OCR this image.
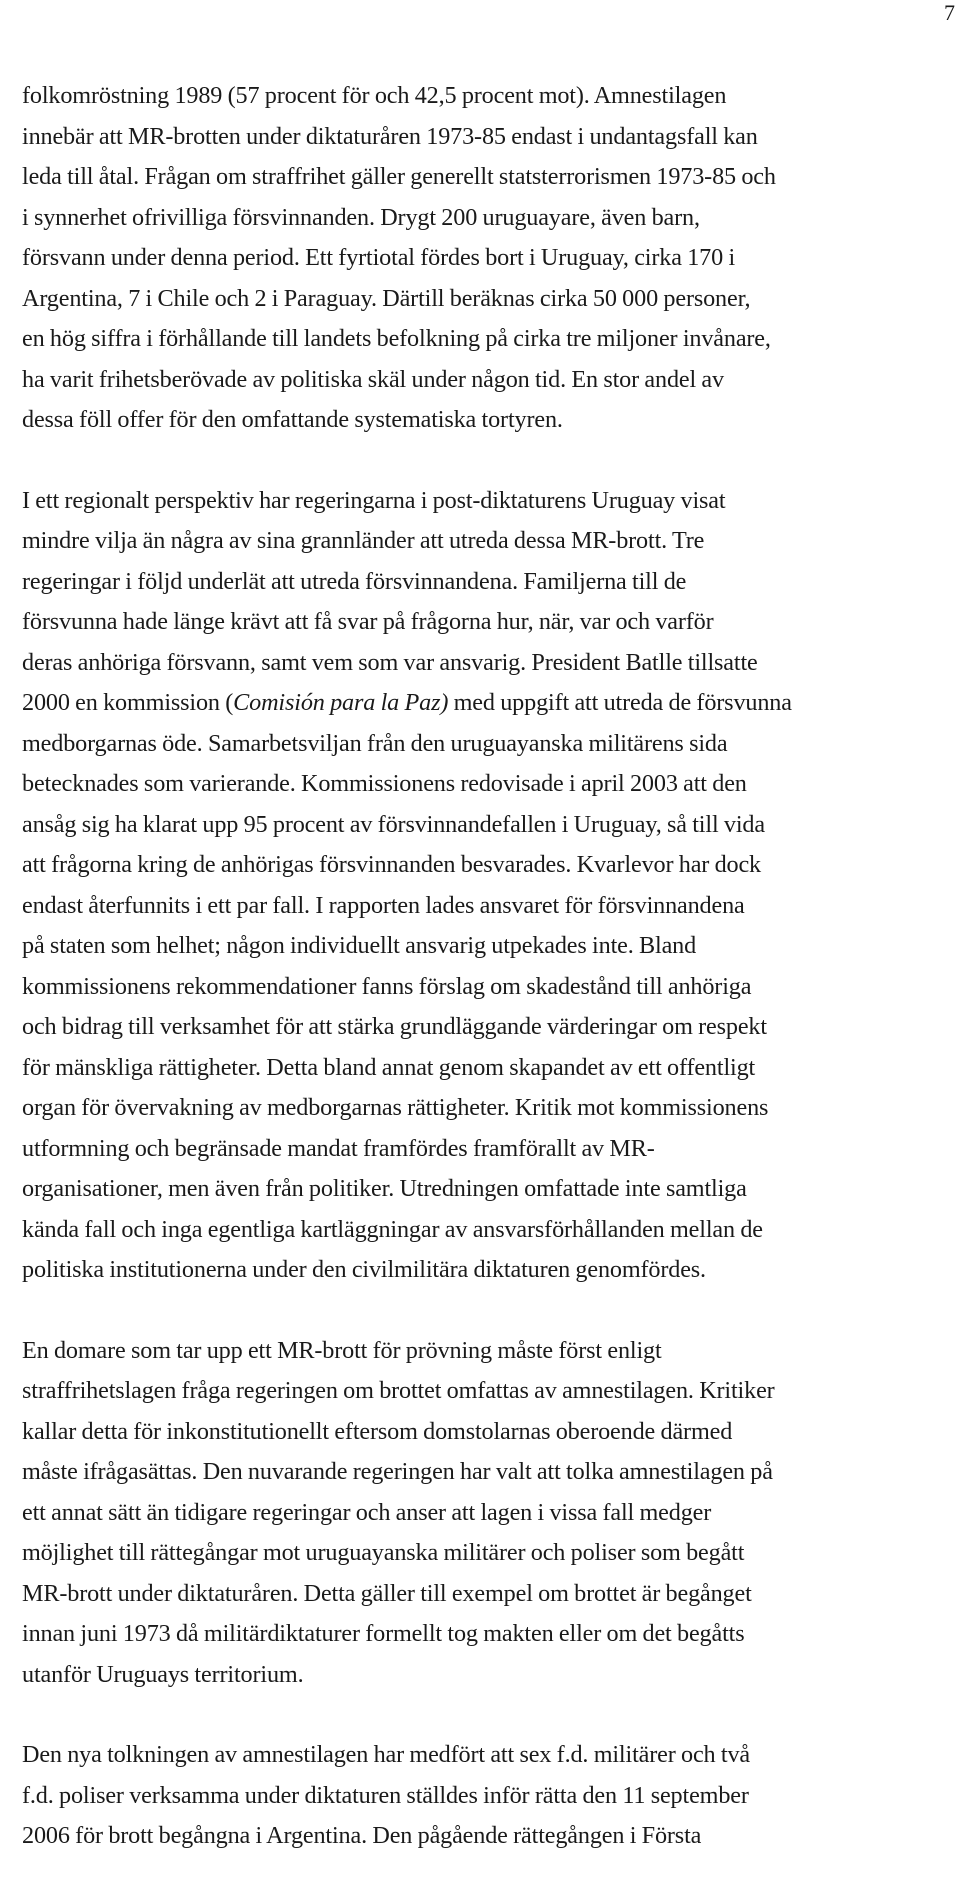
7

folkomröstning 1989 (57 procent för och 42,5 procent mot). Amnestilagen
innebär att MR-brotten under diktaturåren 1973-85 endast i undantagsfall kan
leda till åtal. Frågan om straffrihet gäller generellt statsterrorismen 1973-85 och
i synnerhet ofrivilliga försvinnanden. Drygt 200 uruguayare, även barn,
försvann under denna period. Ett fyrtiotal fördes bort i Uruguay, cirka 170 i
Argentina, 7 i Chile och 2 i Paraguay. Därtill beräknas cirka 50 000 personer,
en hög siffra i förhållande till landets befolkning på cirka tre miljoner invånare,
ha varit frihetsberövade av politiska skäl under någon tid. En stor andel av
dessa föll offer för den omfattande systematiska tortyren.

I ett regionalt perspektiv har regeringarna i post-diktaturens Uruguay visat
mindre vilja än några av sina grannländer att utreda dessa MR-brott. Tre
regeringar i följd underlät att utreda försvinnandena. Familjerna till de
försvunna hade länge krävt att få svar på frågorna hur, när, var och varför
deras anhöriga försvann, samt vem som var ansvarig. President Batlle tillsatte
2000 en kommission (Comisión para la Paz) med uppgift att utreda de försvunna
medborgarnas öde. Samarbetsviljan från den uruguayanska militärens sida
betecknades som varierande. Kommissionens redovisade i april 2003 att den
ansåg sig ha klarat upp 95 procent av försvinnandefallen i Uruguay, så till vida
att frågorna kring de anhörigas försvinnanden besvarades. Kvarlevor har dock
endast återfunnits i ett par fall. I rapporten lades ansvaret för försvinnandena
på staten som helhet; någon individuellt ansvarig utpekades inte. Bland
kommissionens rekommendationer fanns förslag om skadestånd till anhöriga
och bidrag till verksamhet för att stärka grundläggande värderingar om respekt
för mänskliga rättigheter. Detta bland annat genom skapandet av ett offentligt
organ för övervakning av medborgarnas rättigheter. Kritik mot kommissionens
utformning och begränsade mandat framfördes framförallt av MR-
organisationer, men även från politiker. Utredningen omfattade inte samtliga
kända fall och inga egentliga kartläggningar av ansvarsförhållanden mellan de
politiska institutionerna under den civilmilitära diktaturen genomfördes.

En domare som tar upp ett MR-brott för prövning måste först enligt
straffrihetslagen fråga regeringen om brottet omfattas av amnestilagen. Kritiker
kallar detta för inkonstitutionellt eftersom domstolarnas oberoende därmed
måste ifrågasättas. Den nuvarande regeringen har valt att tolka amnestilagen på
ett annat sätt än tidigare regeringar och anser att lagen i vissa fall medger
möjlighet till rättegångar mot uruguayanska militärer och poliser som begått
MR-brott under diktaturåren. Detta gäller till exempel om brottet är begånget
innan juni 1973 då militärdiktaturer formellt tog makten eller om det begåtts
utanför Uruguays territorium.

Den nya tolkningen av amnestilagen har medfört att sex f.d. militärer och två
f.d. poliser verksamma under diktaturen ställdes inför rätta den 11 september
2006 för brott begångna i Argentina. Den pågående rättegången i Första
